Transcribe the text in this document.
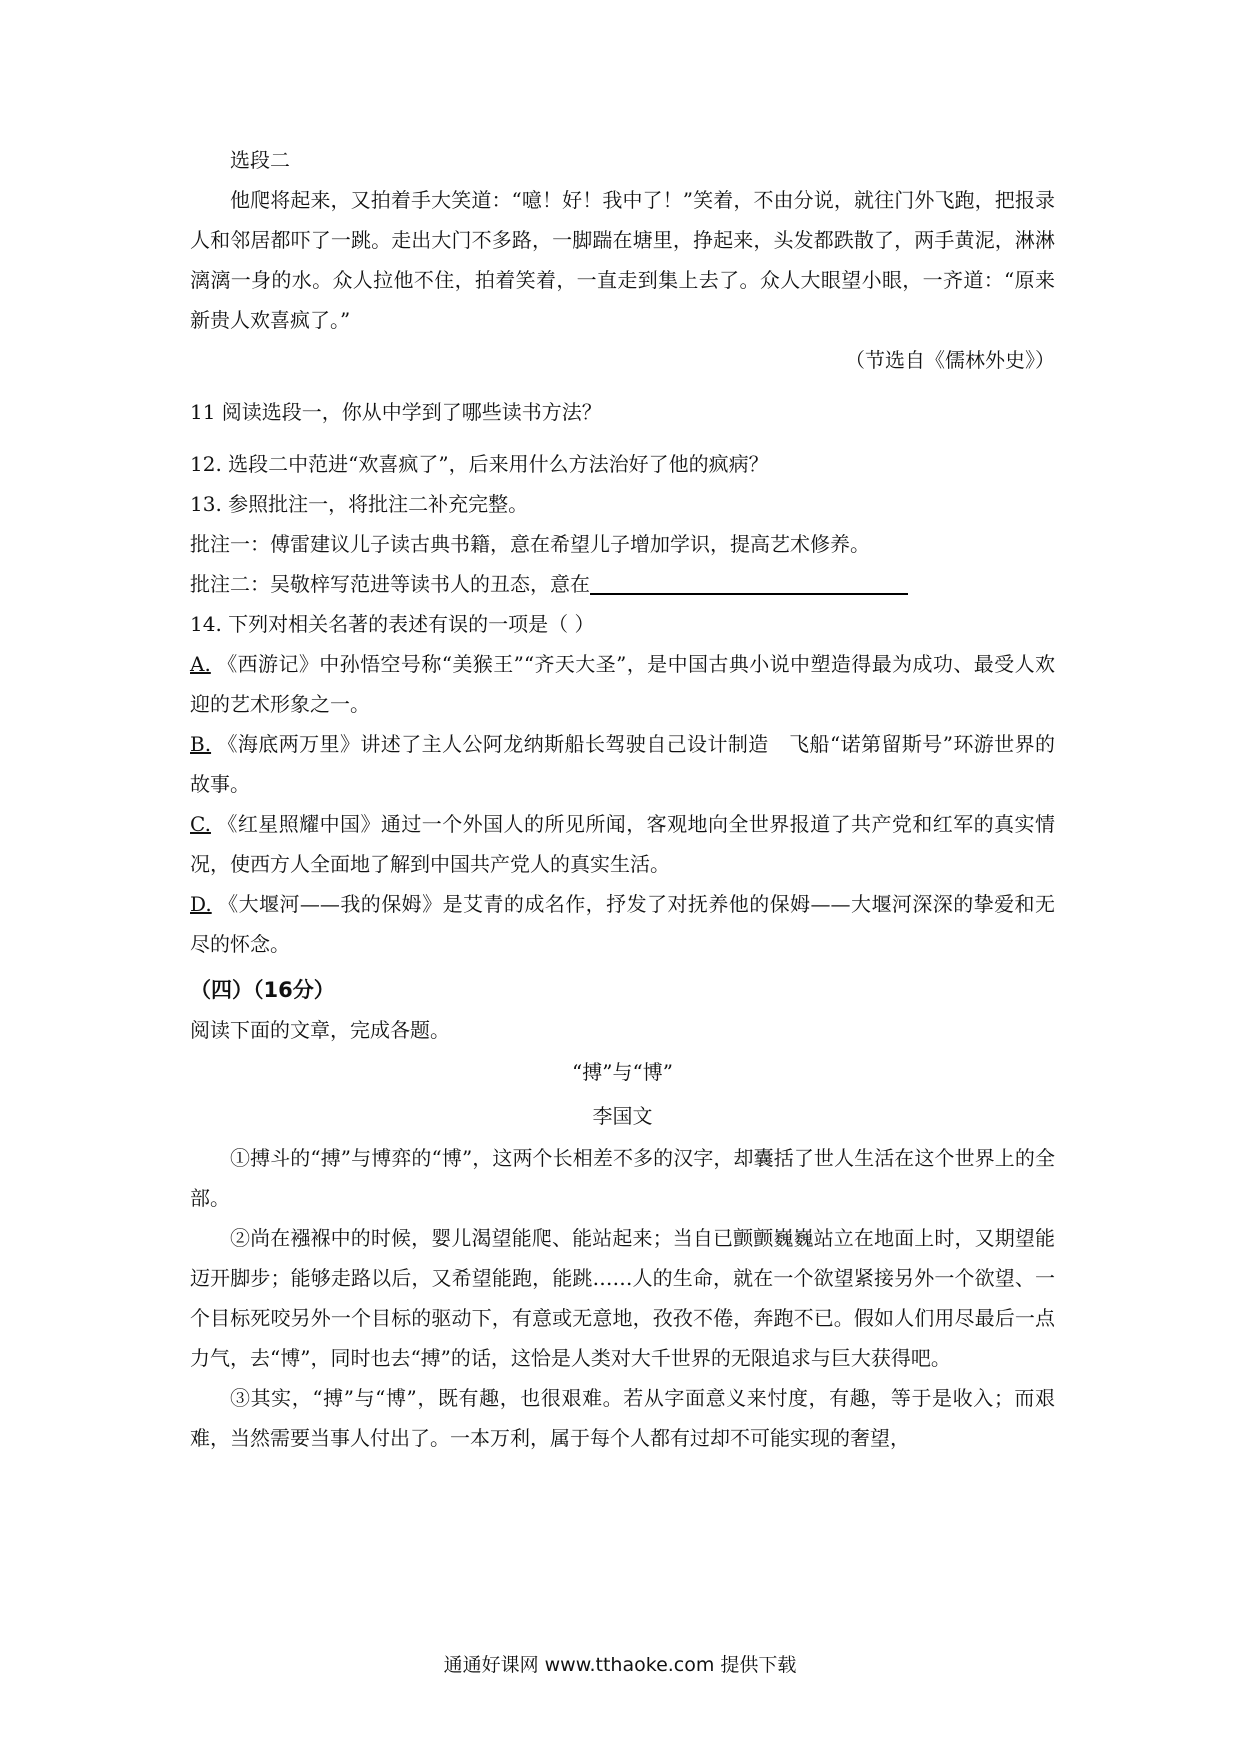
选段二

他爬将起来，又拍着手大笑道：“噫！好！我中了！”笑着，不由分说，就往门外飞跑，把报录人和邻居都吓了一跳。走出大门不多路，一脚踹在塘里，挣起来，头发都跌散了，两手黄泥，淋淋漓漓一身的水。众人拉他不住，拍着笑着，一直走到集上去了。众人大眼望小眼，一齐道：“原来新贵人欢喜疯了。”

（节选自《儒林外史》）

11 阅读选段一，你从中学到了哪些读书方法？

12. 选段二中范进“欢喜疯了”，后来用什么方法治好了他的疯病？

13. 参照批注一，将批注二补充完整。

批注一：傅雷建议儿子读古典书籍，意在希望儿子增加学识，提高艺术修养。

批注二：吴敬梓写范进等读书人的丑态，意在

14. 下列对相关名著的表述有误的一项是（ ）

A. 《西游记》中孙悟空号称“美猴王”“齐天大圣”，是中国古典小说中塑造得最为成功、最受人欢迎的艺术形象之一。

B. 《海底两万里》讲述了主人公阿龙纳斯船长驾驶自己设计制造　飞船“诺第留斯号”环游世界的故事。

C. 《红星照耀中国》通过一个外国人的所见所闻，客观地向全世界报道了共产党和红军的真实情况，使西方人全面地了解到中国共产党人的真实生活。

D. 《大堰河——我的保姆》是艾青的成名作，抒发了对抚养他的保姆——大堰河深深的挚爱和无尽的怀念。

（四）（16分）

阅读下面的文章，完成各题。

“搏”与“博”
李国文

①搏斗的“搏”与博弈的“博”，这两个长相差不多的汉字，却囊括了世人生活在这个世界上的全部。

②尚在襁褓中的时候，婴儿渴望能爬、能站起来；当自已颤颤巍巍站立在地面上时，又期望能迈开脚步；能够走路以后，又希望能跑，能跳……人的生命，就在一个欲望紧接另外一个欲望、一个目标死咬另外一个目标的驱动下，有意或无意地，孜孜不倦，奔跑不已。假如人们用尽最后一点力气，去“博”，同时也去“搏”的话，这恰是人类对大千世界的无限追求与巨大获得吧。

③其实，“搏”与“博”，既有趣，也很艰难。若从字面意义来忖度，有趣，等于是收入；而艰难，当然需要当事人付出了。一本万利，属于每个人都有过却不可能实现的奢望，

通通好课网 www.tthaoke.com 提供下载
